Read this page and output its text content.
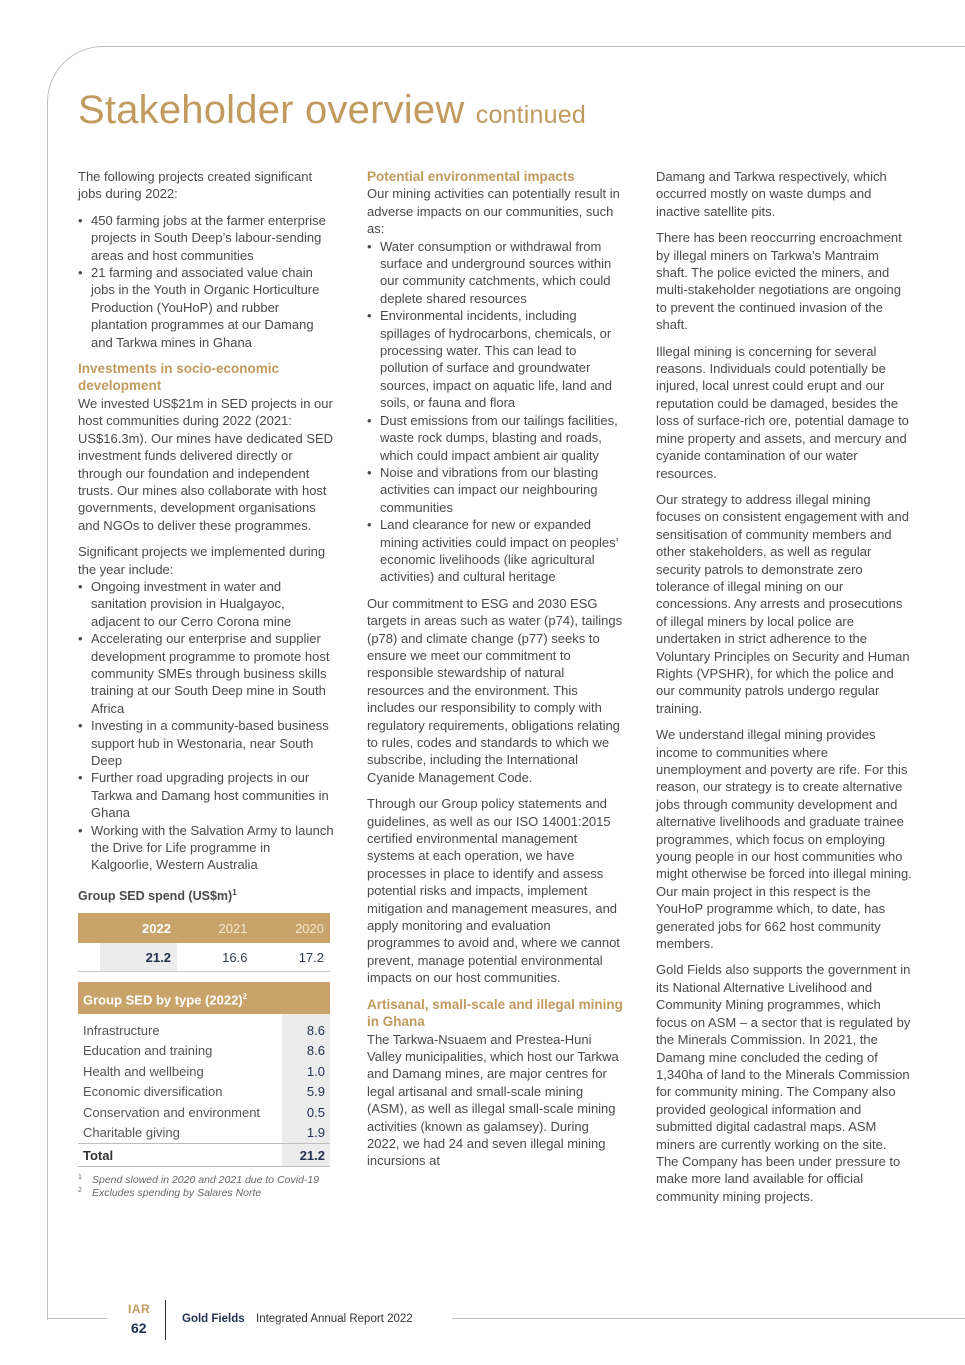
Stakeholder overview continued

The following projects created significant jobs during 2022:

• 450 farming jobs at the farmer enterprise projects in South Deep’s labour-sending areas and host communities
• 21 farming and associated value chain jobs in the Youth in Organic Horticulture Production (YouHoP) and rubber plantation programmes at our Damang and Tarkwa mines in Ghana
Investments in socio-economic development

We invested US$21m in SED projects in our host communities during 2022 (2021: US$16.3m). Our mines have dedicated SED investment funds delivered directly or through our foundation and independent trusts. Our mines also collaborate with host governments, development organisations and NGOs to deliver these programmes.

Significant projects we implemented during the year include:

• Ongoing investment in water and sanitation provision in Hualgayoc, adjacent to our Cerro Corona mine
• Accelerating our enterprise and supplier development programme to promote host community SMEs through business skills training at our South Deep mine in South Africa
• Investing in a community-based business support hub in Westonaria, near South Deep
• Further road upgrading projects in our Tarkwa and Damang host communities in Ghana
• Working with the Salvation Army to launch the Drive for Life programme in Kalgoorlie, Western Australia
Group SED spend (US$m)$^1$
	2022	2021	2020
	21.2	16.6	17.2
Group SED by type $(2022)^2$
Infrastructure	8.6
Education and training	8.6
Health and wellbeing	1.0
Economic diversification	5.9
Conservation and environment	0.5
Charitable giving	1.9
Total	21.2
1 Spend slowed in 2020 and 2021 due to Covid-19
2 Excludes spending by Salares Norte
Potential environmental impacts

Our mining activities can potentially result in adverse impacts on our communities, such as:

• Water consumption or withdrawal from surface and underground sources within our community catchments, which could deplete shared resources
• Environmental incidents, including spillages of hydrocarbons, chemicals, or processing water. This can lead to pollution of surface and groundwater sources, impact on aquatic life, land and soils, or fauna and flora
• Dust emissions from our tailings facilities, waste rock dumps, blasting and roads, which could impact ambient air quality
• Noise and vibrations from our blasting activities can impact our neighbouring communities
• Land clearance for new or expanded mining activities could impact on peoples’ economic livelihoods (like agricultural activities) and cultural heritage

Our commitment to ESG and 2030 ESG targets in areas such as water (p74), tailings (p78) and climate change (p77) seeks to ensure we meet our commitment to responsible stewardship of natural resources and the environment. This includes our responsibility to comply with regulatory requirements, obligations relating to rules, codes and standards to which we subscribe, including the International Cyanide Management Code.

Through our Group policy statements and guidelines, as well as our ISO 14001:2015 certified environmental management systems at each operation, we have processes in place to identify and assess potential risks and impacts, implement mitigation and management measures, and apply monitoring and evaluation programmes to avoid and, where we cannot prevent, manage potential environmental impacts on our host communities.

Artisanal, small-scale and illegal mining in Ghana

The Tarkwa-Nsuaem and Prestea-Huni Valley municipalities, which host our Tarkwa and Damang mines, are major centres for legal artisanal and small-scale mining (ASM), as well as illegal small-scale mining activities (known as galamsey). During 2022, we had 24 and seven illegal mining incursions at

Damang and Tarkwa respectively, which occurred mostly on waste dumps and inactive satellite pits.

There has been reoccurring encroachment by illegal miners on Tarkwa’s Mantraim shaft. The police evicted the miners, and multi-stakeholder negotiations are ongoing to prevent the continued invasion of the shaft.

Illegal mining is concerning for several reasons. Individuals could potentially be injured, local unrest could erupt and our reputation could be damaged, besides the loss of surface-rich ore, potential damage to mine property and assets, and mercury and cyanide contamination of our water resources.

Our strategy to address illegal mining focuses on consistent engagement with and sensitisation of community members and other stakeholders, as well as regular security patrols to demonstrate zero tolerance of illegal mining on our concessions. Any arrests and prosecutions of illegal miners by local police are undertaken in strict adherence to the Voluntary Principles on Security and Human Rights (VPSHR), for which the police and our community patrols undergo regular training.

We understand illegal mining provides income to communities where unemployment and poverty are rife. For this reason, our strategy is to create alternative jobs through community development and alternative livelihoods and graduate trainee programmes, which focus on employing young people in our host communities who might otherwise be forced into illegal mining. Our main project in this respect is the YouHoP programme which, to date, has generated jobs for 662 host community members.

Gold Fields also supports the government in its National Alternative Livelihood and Community Mining programmes, which focus on ASM – a sector that is regulated by the Minerals Commission. In 2021, the Damang mine concluded the ceding of 1,340ha of land to the Minerals Commission for community mining. The Company also provided geological information and submitted digital cadastral maps. ASM miners are currently working on the site. The Company has been under pressure to make more land available for official community mining projects.

IAR
62
Gold Fields Integrated Annual Report 2022
